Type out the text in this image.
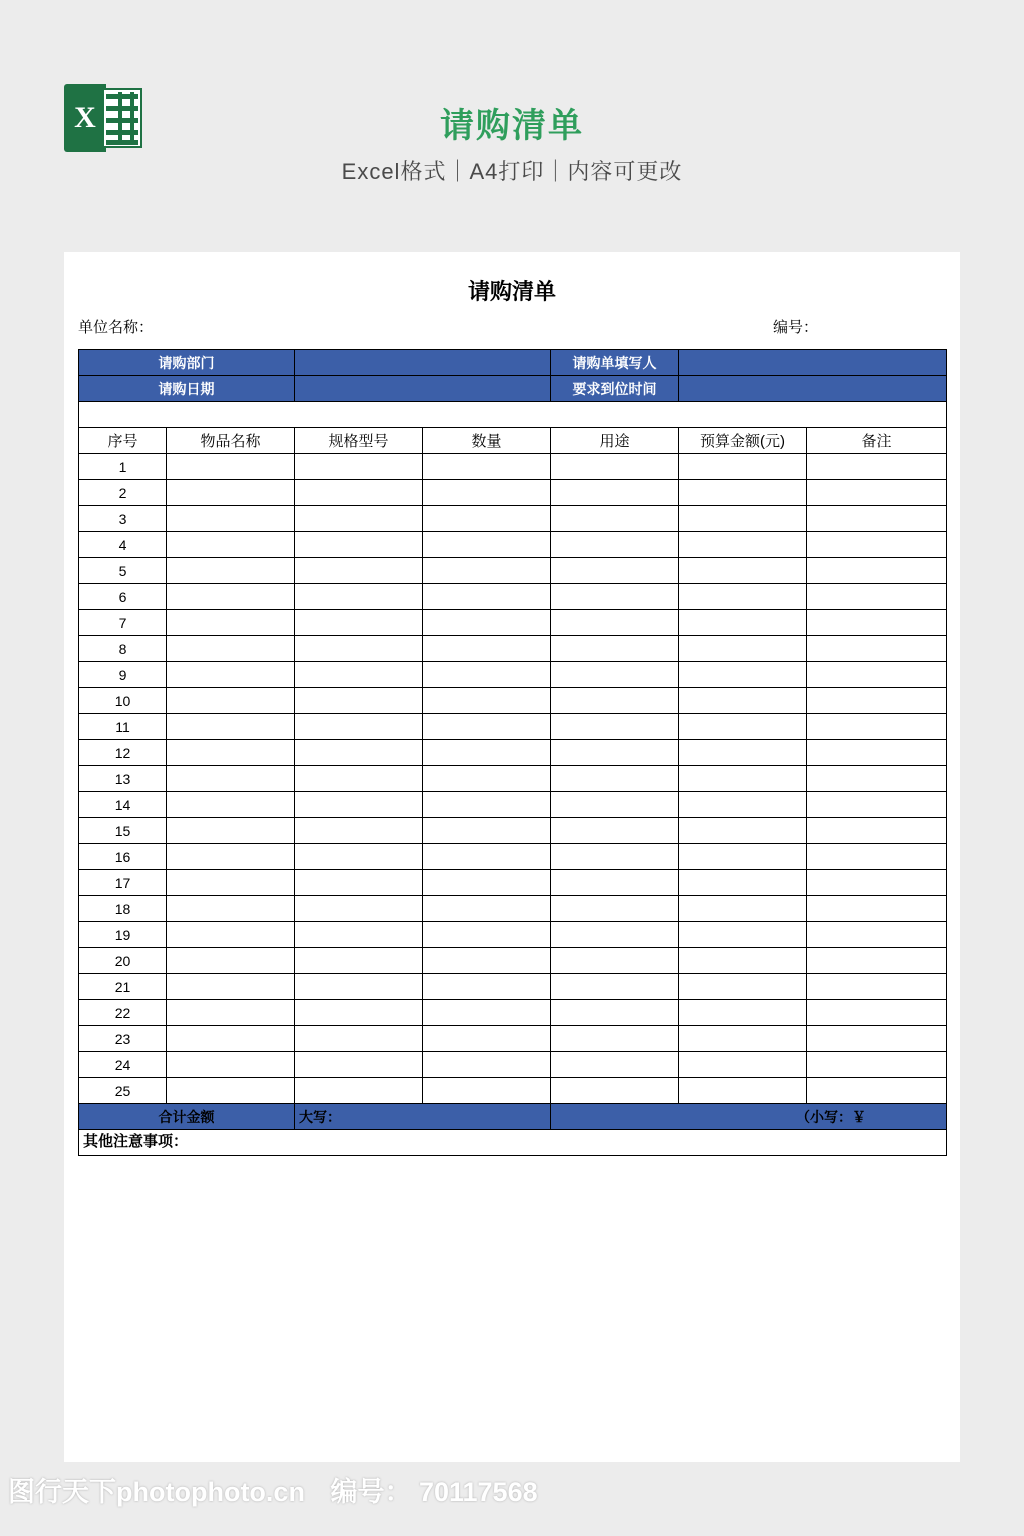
X	请购清单
Excel格式｜A4打印｜内容可更改
请购清单
单位名称：	编号：
请购部门				请购单填写人		
请购日期				要求到位时间		

序号	物品名称	规格型号	数量	用途	预算金额(元)	备注
1						
2						
3						
4						
5						
6						
7						
8						
9						
10						
11						
12						
13						
14						
15						
16						
17						
18						
19						
20						
21						
22						
23						
24						
25						
合计金额		大写：		（小写：￥		
其他注意事项：						
图行天下photophoto.cn 编号： 70117568
